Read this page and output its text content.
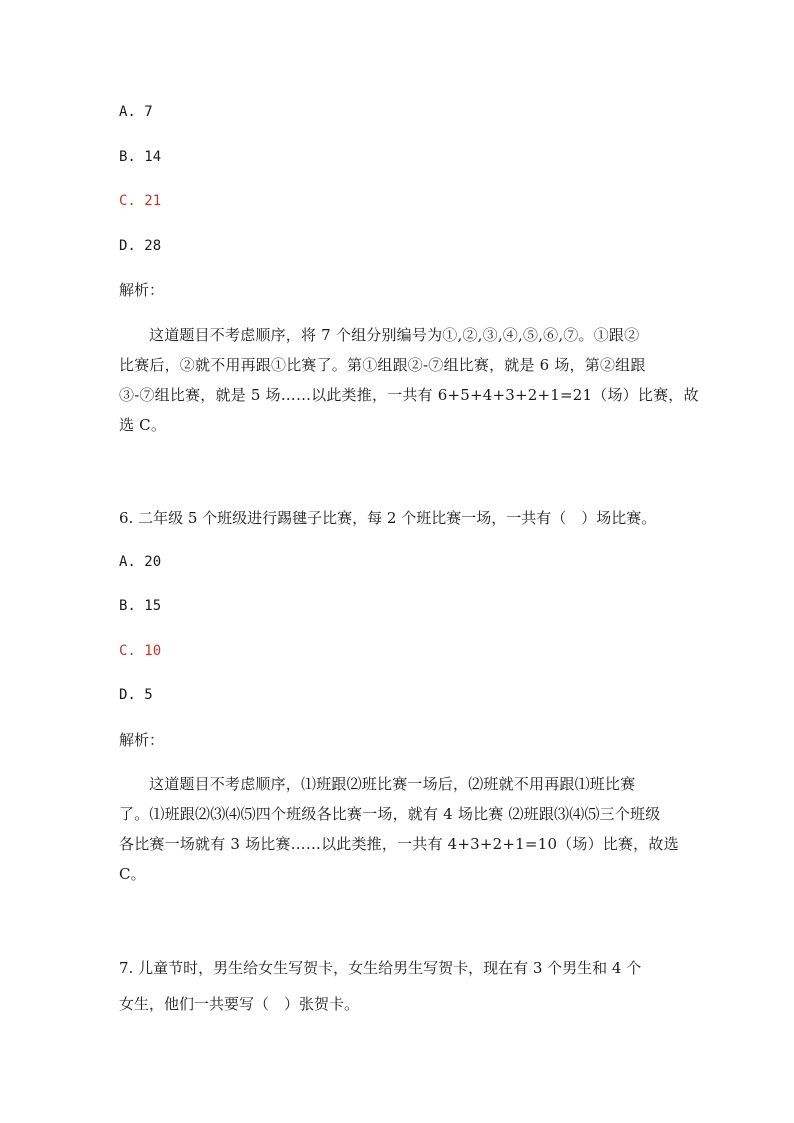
A. 7
B. 14
C. 21
D. 28
解析：
这道题目不考虑顺序，将 7 个组分别编号为①,②,③,④,⑤,⑥,⑦。①跟②
比赛后，②就不用再跟①比赛了。第①组跟②-⑦组比赛，就是 6 场，第②组跟
③-⑦组比赛，就是 5 场……以此类推，一共有 6+5+4+3+2+1=21（场）比赛，故
选 C。
6. 二年级 5 个班级进行踢毽子比赛，每 2 个班比赛一场，一共有（　）场比赛。
A. 20
B. 15
C. 10
D. 5
解析：
这道题目不考虑顺序，⑴班跟⑵班比赛一场后，⑵班就不用再跟⑴班比赛
了。⑴班跟⑵⑶⑷⑸四个班级各比赛一场，就有 4 场比赛 ⑵班跟⑶⑷⑸三个班级
各比赛一场就有 3 场比赛……以此类推，一共有 4+3+2+1=10（场）比赛，故选
C。
7. 儿童节时，男生给女生写贺卡，女生给男生写贺卡，现在有 3 个男生和 4 个
女生，他们一共要写（　）张贺卡。
